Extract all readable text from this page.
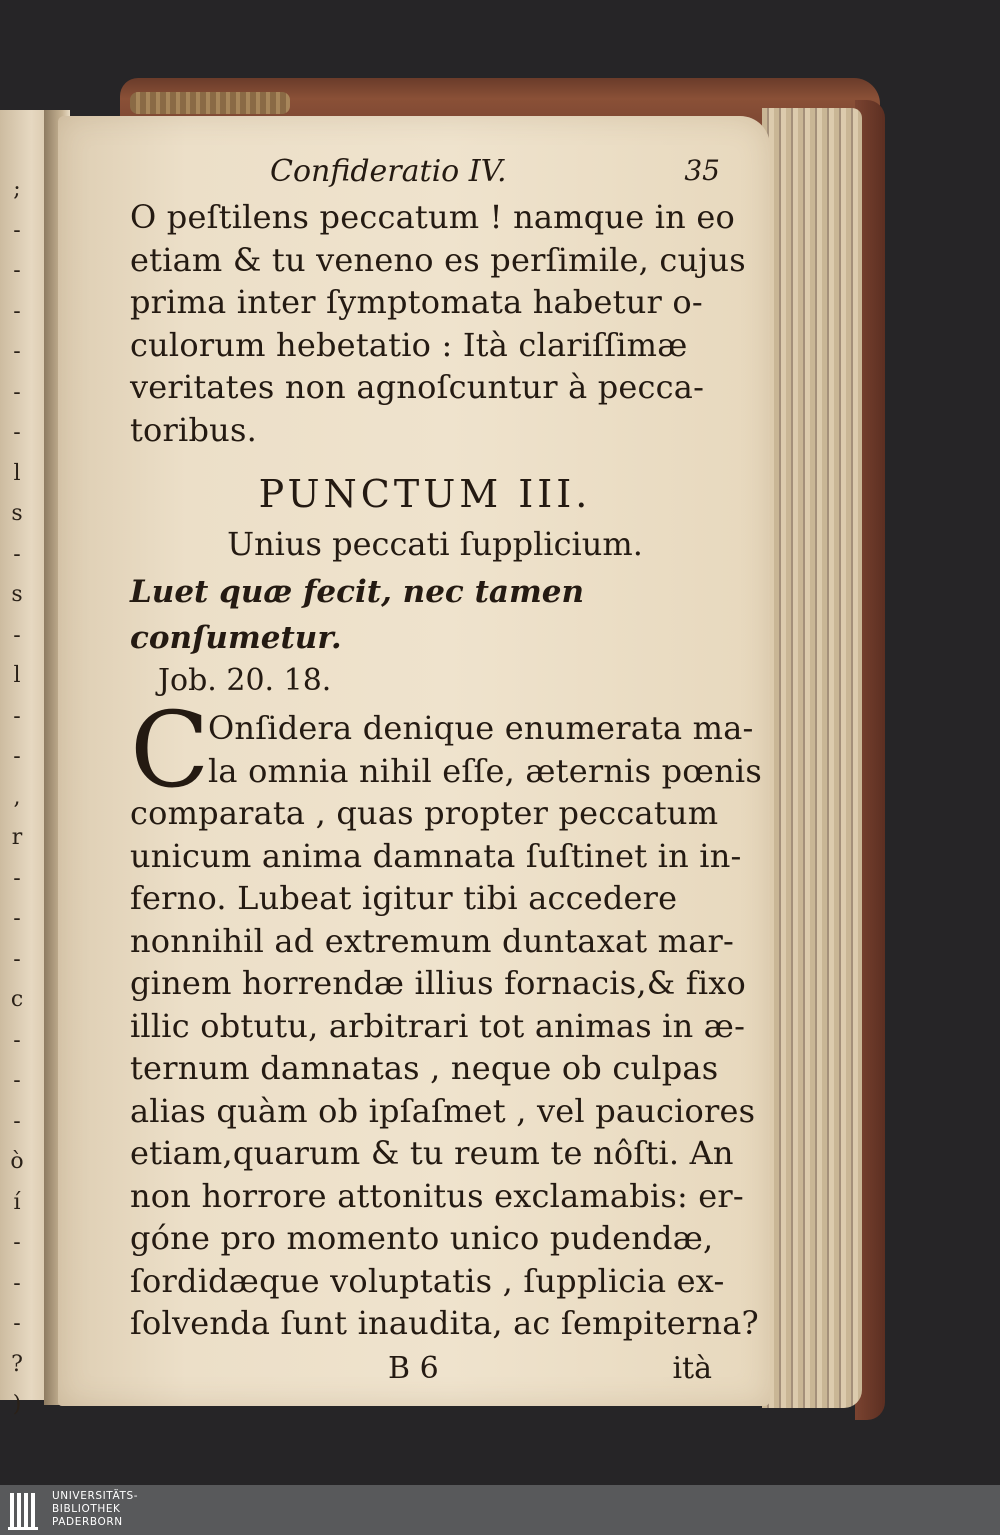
;
-
-
-
-
-
-
l
s
-
s
-
l
-
-
,
r
-
-
-
c
-
-
-
ò
í
-
-
-
?
)
Confideratio IV.	35
O peſtilens peccatum ! namque in eo
etiam & tu veneno es perſimile, cujus
prima inter ſymptomata habetur o-
culorum hebetatio : Ità clariſſimæ
veritates non agnoſcuntur à pecca-
toribus.
PUNCTUM III.
Unius peccati ſupplicium.
Luet quæ fecit, nec tamen conſumetur.
Job. 20. 18.
C
Onſidera denique enumerata ma-
la omnia nihil eſſe, æternis pœnis
comparata , quas propter peccatum
unicum anima damnata ſuſtinet in in-
ferno. Lubeat igitur tibi accedere
nonnihil ad extremum duntaxat mar-
ginem horrendæ illius fornacis,& fixo
illic obtutu, arbitrari tot animas in æ-
ternum damnatas , neque ob culpas
alias quàm ob ipſaſmet , vel pauciores
etiam,quarum & tu reum te nôſti. An
non horrore attonitus exclamabis: er-
góne pro momento unico pudendæ,
ſordidæque voluptatis , ſupplicia ex-
ſolvenda ſunt inaudita, ac ſempiterna?
B 6	ità
UNIVERSITÄTS-
BIBLIOTHEK
PADERBORN
